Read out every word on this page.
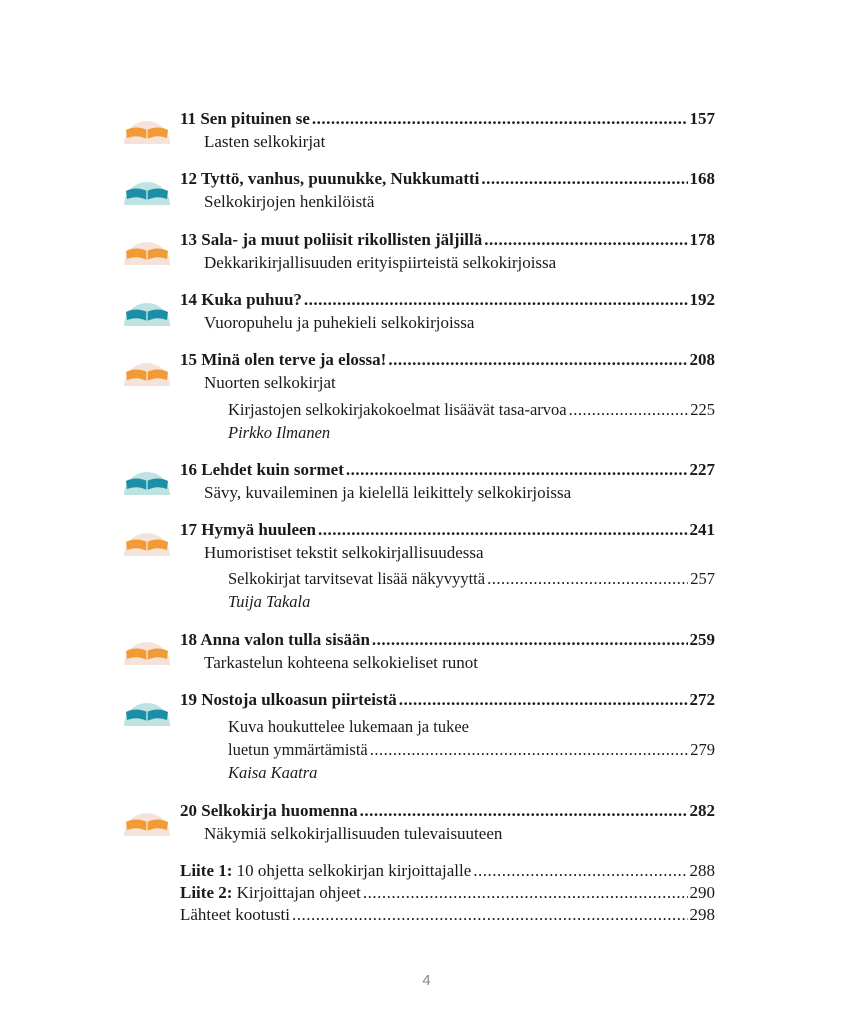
11 Sen pituinen se .....	157
Lasten selkokirjat
12 Tyttö, vanhus, puunukke, Nukkumatti .....	168
Selkokirjojen henkilöistä
13 Sala- ja muut poliisit rikollisten jäljillä .....	178
Dekkarikirjallisuuden erityispiirteistä selkokirjoissa
14 Kuka puhuu? .....	192
Vuoropuhelu ja puhekieli selkokirjoissa
15 Minä olen terve ja elossa! .....	208
Nuorten selkokirjat
Kirjastojen selkokirjakokoelmat lisäävät tasa-arvoa .....	225
Pirkko Ilmanen
16 Lehdet kuin sormet .....	227
Sävy, kuvaileminen ja kielellä leikittely selkokirjoissa
17 Hymyä huuleen .....	241
Humoristiset tekstit selkokirjallisuudessa
Selkokirjat tarvitsevat lisää näkyvyyttä .....	257
Tuija Takala
18 Anna valon tulla sisään .....	259
Tarkastelun kohteena selkokieliset runot
19 Nostoja ulkoasun piirteistä .....	272
Kuva houkuttelee lukemaan ja tukee
luetun ymmärtämistä .....	279
Kaisa Kaatra
20 Selkokirja huomenna .....	282
Näkymiä selkokirjallisuuden tulevaisuuteen
Liite 1: 10 ohjetta selkokirjan kirjoittajalle .....	288
Liite 2: Kirjoittajan ohjeet .....	290
Lähteet kootusti .....	298
4
